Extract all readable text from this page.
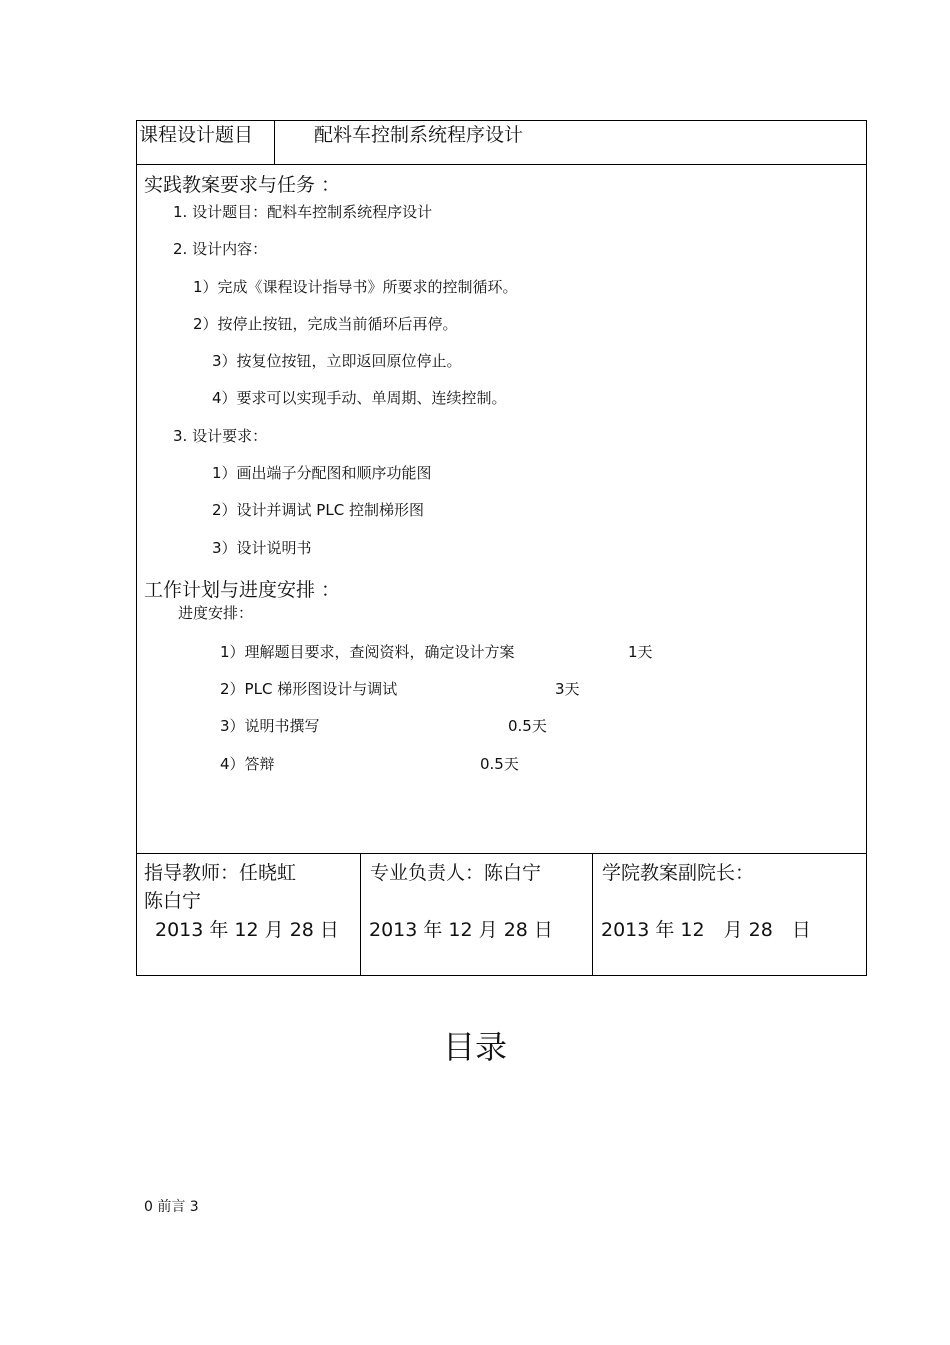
课程设计题目	配料车控制系统程序设计
实践教案要求与任务 ：
1. 设计题目：配料车控制系统程序设计
2. 设计内容：
1）完成《课程设计指导书》所要求的控制循环。
2）按停止按钮，完成当前循环后再停。
3）按复位按钮，立即返回原位停止。
4）要求可以实现手动、单周期、连续控制。
3. 设计要求：
1）画出端子分配图和顺序功能图
2）设计并调试 PLC 控制梯形图
3）设计说明书
工作计划与进度安排 ：
进度安排：
1）理解题目要求，查阅资料，确定设计方案	1天
2）PLC 梯形图设计与调试	3天
3）说明书撰写	0.5天
4）答辩	0.5天
指导教师：任晓虹
陈白宁
2013 年 12 月 28 日
专业负责人：陈白宁
2013 年 12 月 28 日
学院教案副院长：
2013 年 12　月 28　日
目录
0 前言 3
